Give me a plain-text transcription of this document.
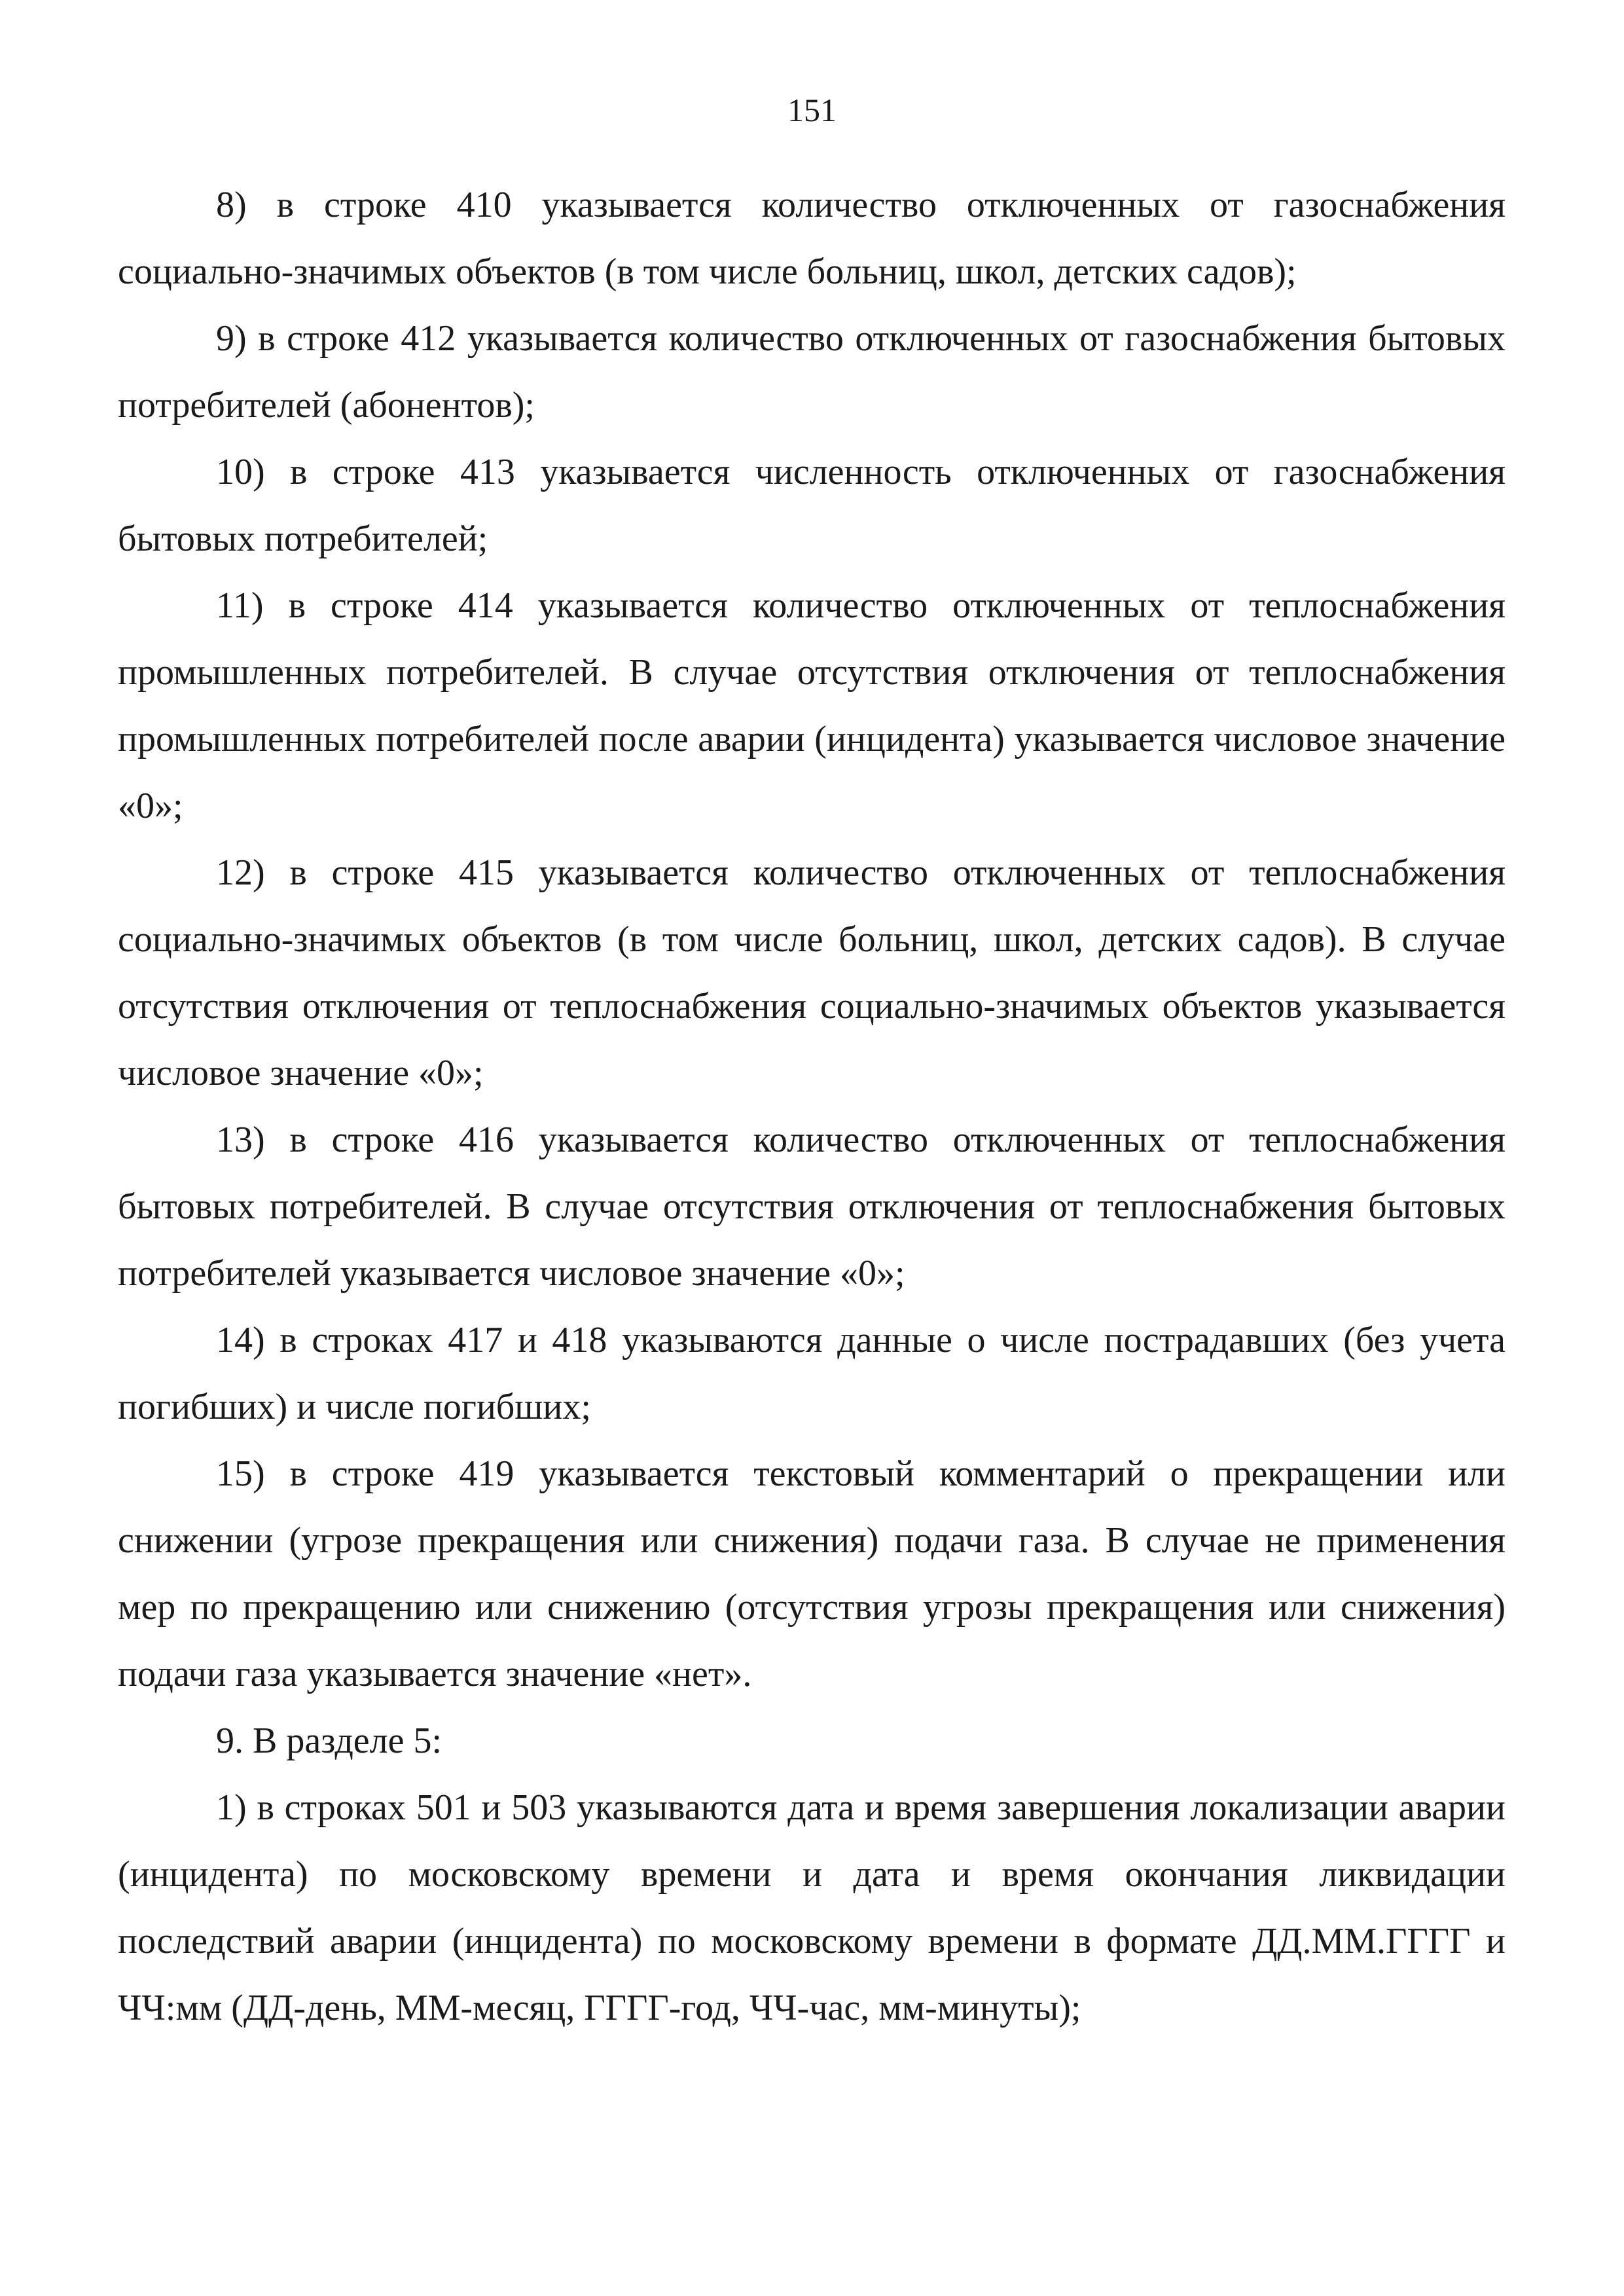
151

8) в строке 410 указывается количество отключенных от газоснабжения социально-значимых объектов (в том числе больниц, школ, детских садов);

9) в строке 412 указывается количество отключенных от газоснабжения бытовых потребителей (абонентов);

10) в строке 413 указывается численность отключенных от газоснабжения бытовых потребителей;

11) в строке 414 указывается количество отключенных от теплоснабжения промышленных потребителей. В случае отсутствия отключения от теплоснабжения промышленных потребителей после аварии (инцидента) указывается числовое значение «0»;

12) в строке 415 указывается количество отключенных от теплоснабжения социально-значимых объектов (в том числе больниц, школ, детских садов). В случае отсутствия отключения от теплоснабжения социально-значимых объектов указывается числовое значение «0»;

13) в строке 416 указывается количество отключенных от теплоснабжения бытовых потребителей. В случае отсутствия отключения от теплоснабжения бытовых потребителей указывается числовое значение «0»;

14) в строках 417 и 418 указываются данные о числе пострадавших (без учета погибших) и числе погибших;

15) в строке 419 указывается текстовый комментарий о прекращении или снижении (угрозе прекращения или снижения) подачи газа. В случае не применения мер по прекращению или снижению (отсутствия угрозы прекращения или снижения) подачи газа указывается значение «нет».

9. В разделе 5:

1) в строках 501 и 503 указываются дата и время завершения локализации аварии (инцидента) по московскому времени и дата и время окончания ликвидации последствий аварии (инцидента) по московскому времени в формате ДД.ММ.ГГГГ и ЧЧ:мм (ДД-день, ММ-месяц, ГГГГ-год, ЧЧ-час, мм-минуты);
